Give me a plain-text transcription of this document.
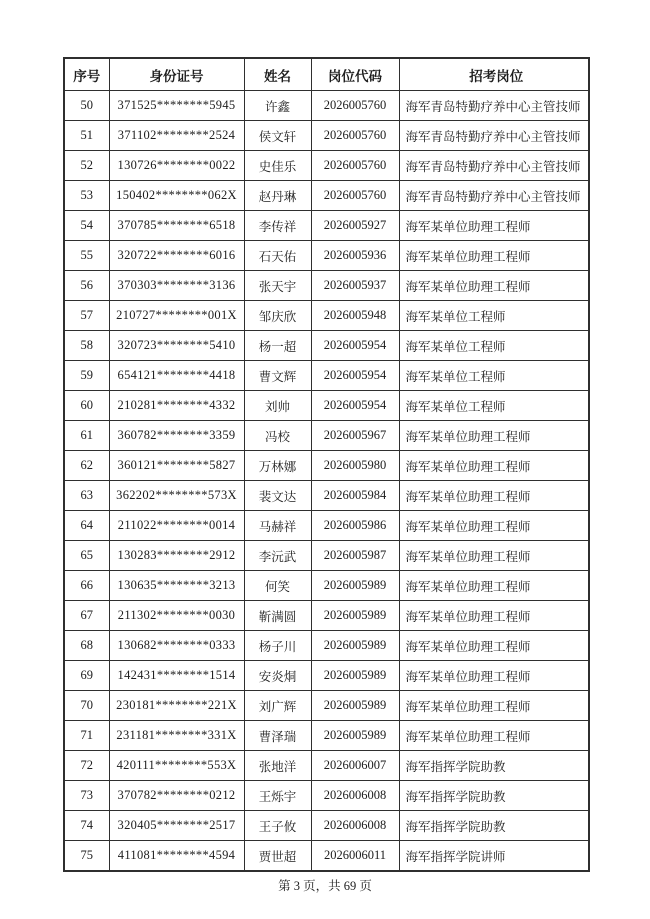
序号	身份证号	姓名	岗位代码	招考岗位
50	371525********5945	许鑫	2026005760	海军青岛特勤疗养中心主管技师
51	371102********2524	侯文轩	2026005760	海军青岛特勤疗养中心主管技师
52	130726********0022	史佳乐	2026005760	海军青岛特勤疗养中心主管技师
53	150402********062X	赵丹琳	2026005760	海军青岛特勤疗养中心主管技师
54	370785********6518	李传祥	2026005927	海军某单位助理工程师
55	320722********6016	石天佑	2026005936	海军某单位助理工程师
56	370303********3136	张天宇	2026005937	海军某单位助理工程师
57	210727********001X	邹庆欣	2026005948	海军某单位工程师
58	320723********5410	杨一超	2026005954	海军某单位工程师
59	654121********4418	曹文辉	2026005954	海军某单位工程师
60	210281********4332	刘帅	2026005954	海军某单位工程师
61	360782********3359	冯校	2026005967	海军某单位助理工程师
62	360121********5827	万林娜	2026005980	海军某单位助理工程师
63	362202********573X	裴文达	2026005984	海军某单位助理工程师
64	211022********0014	马赫祥	2026005986	海军某单位助理工程师
65	130283********2912	李沅武	2026005987	海军某单位助理工程师
66	130635********3213	何笑	2026005989	海军某单位助理工程师
67	211302********0030	靳满圆	2026005989	海军某单位助理工程师
68	130682********0333	杨子川	2026005989	海军某单位助理工程师
69	142431********1514	安炎烔	2026005989	海军某单位助理工程师
70	230181********221X	刘广辉	2026005989	海军某单位助理工程师
71	231181********331X	曹泽瑞	2026005989	海军某单位助理工程师
72	420111********553X	张地洋	2026006007	海军指挥学院助教
73	370782********0212	王烁宇	2026006008	海军指挥学院助教
74	320405********2517	王子攸	2026006008	海军指挥学院助教
75	411081********4594	贾世超	2026006011	海军指挥学院讲师
第 3 页，共 69 页
